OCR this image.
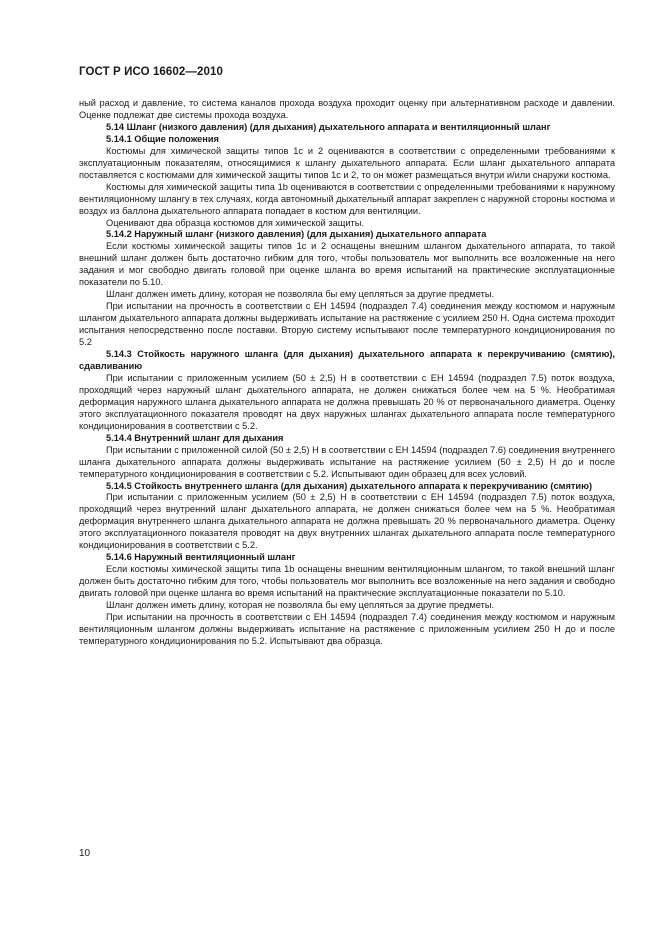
ГОСТ Р ИСО 16602—2010

ный расход и давление, то система каналов прохода воздуха проходит оценку при альтернативном расходе и давлении. Оценке подлежат две системы прохода воздуха.

5.14 Шланг (низкого давления) (для дыхания) дыхательного аппарата и вентиляционный шланг

5.14.1 Общие положения

Костюмы для химической защиты типов 1с и 2 оцениваются в соответствии с определенными требованиями к эксплуатационным показателям, относящимися к шлангу дыхательного аппарата. Если шланг дыхательного аппарата поставляется с костюмами для химической защиты типов 1с и 2, то он может размещаться внутри и/или снаружи костюма.

Костюмы для химической защиты типа 1b оцениваются в соответствии с определенными требованиями к наружному вентиляционному шлангу в тех случаях, когда автономный дыхательный аппарат закреплен с наружной стороны костюма и воздух из баллона дыхательного аппарата попадает в костюм для вентиляции.

Оценивают два образца костюмов для химической защиты.

5.14.2 Наружный шланг (низкого давления) (для дыхания) дыхательного аппарата

Если костюмы химической защиты типов 1с и 2 оснащены внешним шлангом дыхательного аппарата, то такой внешний шланг должен быть достаточно гибким для того, чтобы пользователь мог выполнить все возложенные на него задания и мог свободно двигать головой при оценке шланга во время испытаний на практические эксплуатационные показатели по 5.10.

Шланг должен иметь длину, которая не позволяла бы ему цепляться за другие предметы.

При испытании на прочность в соответствии с ЕН 14594 (подраздел 7.4) соединения между костюмом и наружным шлангом дыхательного аппарата должны выдерживать испытание на растяжение с усилием 250 Н. Одна система проходит испытания непосредственно после поставки. Вторую систему испытывают после температурного кондиционирования по 5.2

5.14.3 Стойкость наружного шланга (для дыхания) дыхательного аппарата к перекручиванию (смятию), сдавливанию

При испытании с приложенным усилием (50 ± 2,5) Н в соответствии с ЕН 14594 (подраздел 7.5) поток воздуха, проходящий через наружный шланг дыхательного аппарата, не должен снижаться более чем на 5 %. Необратимая деформация наружного шланга дыхательного аппарата не должна превышать 20 % от первоначального диаметра. Оценку этого эксплуатационного показателя проводят на двух наружных шлангах дыхательного аппарата после температурного кондиционирования в соответствии с 5.2.

5.14.4 Внутренний шланг для дыхания

При испытании с приложенной силой (50 ± 2,5) Н в соответствии с ЕН 14594 (подраздел 7.6) соединения внутреннего шланга дыхательного аппарата должны выдерживать испытание на растяжение усилием (50 ± 2,5) Н до и после температурного кондиционирования в соответствии с 5.2. Испытывают один образец для всех условий.

5.14.5 Стойкость внутреннего шланга (для дыхания) дыхательного аппарата к перекручиванию (смятию)

При испытании с приложенным усилием (50 ± 2,5) Н в соответствии с ЕН 14594 (подраздел 7.5) поток воздуха, проходящий через внутренний шланг дыхательного аппарата, не должен снижаться более чем на 5 %. Необратимая деформация внутреннего шланга дыхательного аппарата не должна превышать 20 % первоначального диаметра. Оценку этого эксплуатационного показателя проводят на двух внутренних шлангах дыхательного аппарата после температурного кондиционирования в соответствии с 5.2.

5.14.6 Наружный вентиляционный шланг

Если костюмы химической защиты типа 1b оснащены внешним вентиляционным шлангом, то такой внешний шланг должен быть достаточно гибким для того, чтобы пользователь мог выполнить все возложенные на него задания и свободно двигать головой при оценке шланга во время испытаний на практические эксплуатационные показатели по 5.10.

Шланг должен иметь длину, которая не позволяла бы ему цепляться за другие предметы.

При испытании на прочность в соответствии с ЕН 14594 (подраздел 7.4) соединения между костюмом и наружным вентиляционным шлангом должны выдерживать испытание на растяжение с приложенным усилием 250 Н до и после температурного кондиционирования по 5.2. Испытывают два образца.

10
